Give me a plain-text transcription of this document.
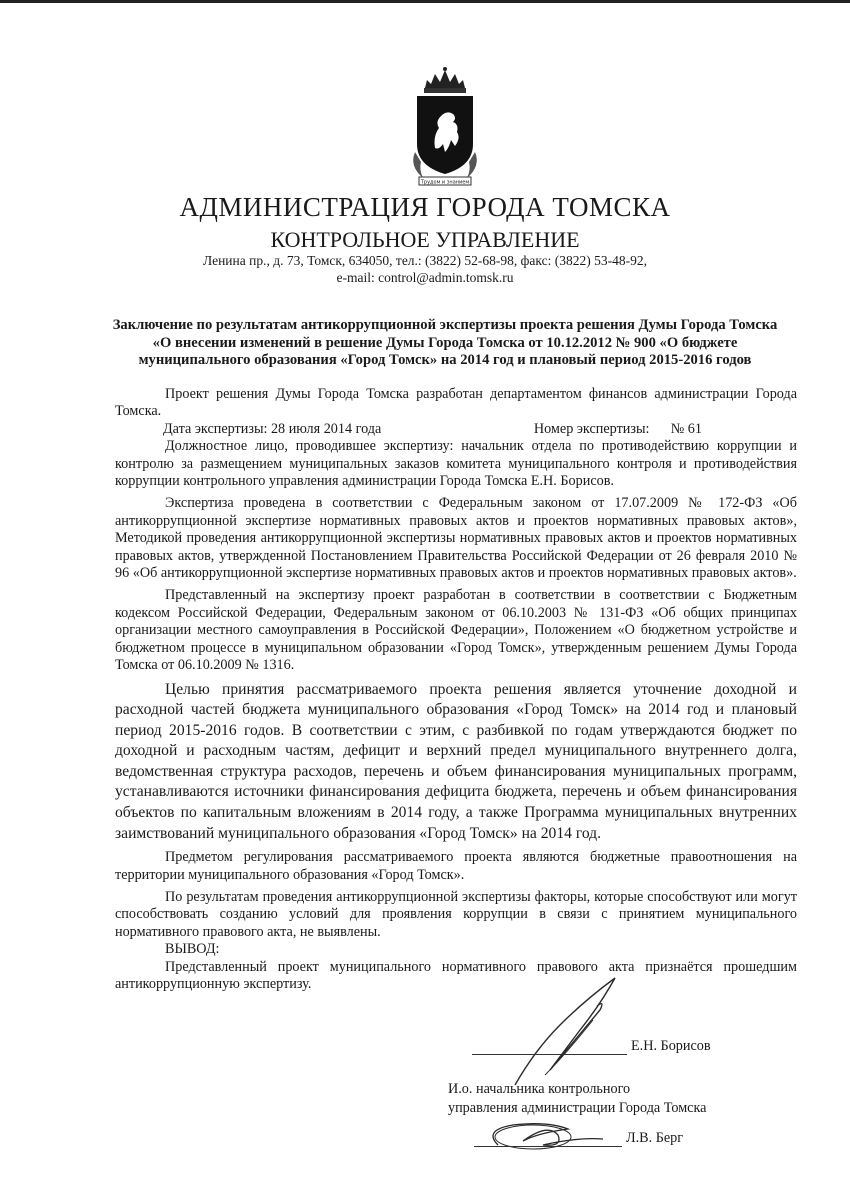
Трудом и знанием
АДМИНИСТРАЦИЯ ГОРОДА ТОМСКА
КОНТРОЛЬНОЕ УПРАВЛЕНИЕ
Ленина пр., д. 73, Томск, 634050, тел.: (3822) 52-68-98, факс: (3822) 53-48-92,
e-mail: control@admin.tomsk.ru
Заключение по результатам антикоррупционной экспертизы проекта решения Думы Города Томска «О внесении изменений в решение Думы Города Томска от 10.12.2012 № 900 «О бюджете муниципального образования «Город Томск» на 2014 год и плановый период 2015-2016 годов

Проект решения Думы Города Томска разработан департаментом финансов администрации Города Томска.

Дата экспертизы: 28 июля 2014 года	Номер экспертизы: № 61

Должностное лицо, проводившее экспертизу: начальник отдела по противодействию коррупции и контролю за размещением муниципальных заказов комитета муниципального контроля и противодействия коррупции контрольного управления администрации Города Томска Е.Н. Борисов.

Экспертиза проведена в соответствии с Федеральным законом от 17.07.2009 № 172-ФЗ «Об антикоррупционной экспертизе нормативных правовых актов и проектов нормативных правовых актов», Методикой проведения антикоррупционной экспертизы нормативных правовых актов и проектов нормативных правовых актов, утвержденной Постановлением Правительства Российской Федерации от 26 февраля 2010 № 96 «Об антикоррупционной экспертизе нормативных правовых актов и проектов нормативных правовых актов».

Представленный на экспертизу проект разработан в соответствии в соответствии с Бюджетным кодексом Российской Федерации, Федеральным законом от 06.10.2003 № 131-ФЗ «Об общих принципах организации местного самоуправления в Российской Федерации», Положением «О бюджетном устройстве и бюджетном процессе в муниципальном образовании «Город Томск», утвержденным решением Думы Города Томска от 06.10.2009 № 1316.

Целью принятия рассматриваемого проекта решения является уточнение доходной и расходной частей бюджета муниципального образования «Город Томск» на 2014 год и плановый период 2015-2016 годов. В соответствии с этим, с разбивкой по годам утверждаются бюджет по доходной и расходным частям, дефицит и верхний предел муниципального внутреннего долга, ведомственная структура расходов, перечень и объем финансирования муниципальных программ, устанавливаются источники финансирования дефицита бюджета, перечень и объем финансирования объектов по капитальным вложениям в 2014 году, а также Программа муниципальных внутренних заимствований муниципального образования «Город Томск» на 2014 год.

Предметом регулирования рассматриваемого проекта являются бюджетные правоотношения на территории муниципального образования «Город Томск».

По результатам проведения антикоррупционной экспертизы факторы, которые способствуют или могут способствовать созданию условий для проявления коррупции в связи с принятием муниципального нормативного правового акта, не выявлены.

ВЫВОД:

Представленный проект муниципального нормативного правового акта признаётся прошедшим антикоррупционную экспертизу.

Е.Н. Борисов
И.о. начальника контрольного
управления администрации Города Томска
Л.В. Берг
